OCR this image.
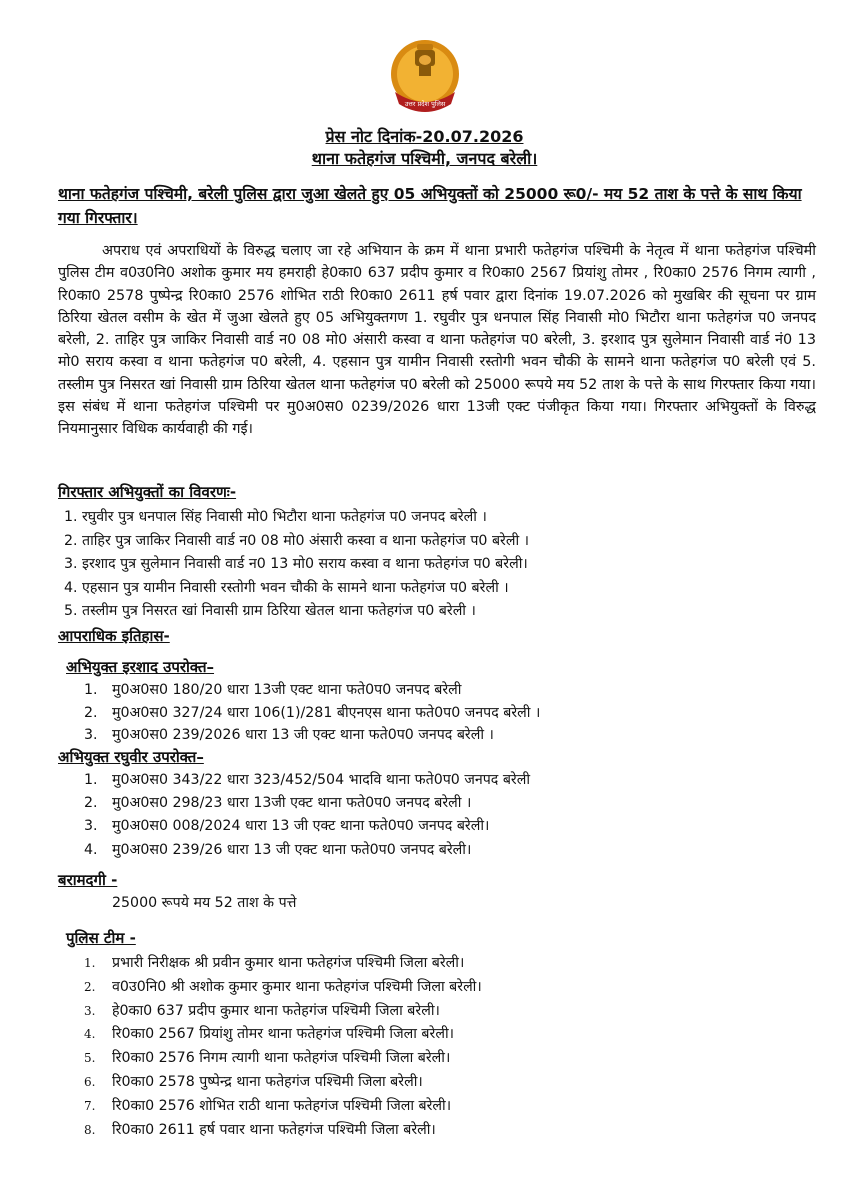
उत्तर प्रदेश पुलिस
प्रेस नोट दिनांक-20.07.2026
थाना फतेहगंज पश्चिमी, जनपद बरेली।
थाना फतेहगंज पश्चिमी, बरेली पुलिस द्वारा जुआ खेलते हुए 05 अभियुक्तों को 25000 रू0/- मय 52 ताश के पत्ते के साथ किया गया गिरफ्तार।
अपराध एवं अपराधियों के विरुद्ध चलाए जा रहे अभियान के क्रम में थाना प्रभारी फतेहगंज पश्चिमी के नेतृत्व में थाना फतेहगंज पश्चिमी पुलिस टीम व0उ0नि0 अशोक कुमार मय हमराही हे0का0 637 प्रदीप कुमार व रि0का0 2567 प्रियांशु तोमर , रि0का0 2576 निगम त्यागी , रि0का0 2578 पुष्पेन्द्र रि0का0 2576 शोभित राठी रि0का0 2611 हर्ष पवार द्वारा दिनांक 19.07.2026 को मुखबिर की सूचना पर ग्राम ठिरिया खेतल वसीम के खेत में जुआ खेलते हुए 05 अभियुक्तगण 1. रघुवीर पुत्र धनपाल सिंह निवासी मो0 भिटौरा थाना फतेहगंज प0 जनपद बरेली, 2. ताहिर पुत्र जाकिर निवासी वार्ड न0 08 मो0 अंसारी कस्वा व थाना फतेहगंज प0 बरेली, 3. इरशाद पुत्र सुलेमान निवासी वार्ड नं0 13 मो0 सराय कस्वा व थाना फतेहगंज प0 बरेली, 4. एहसान पुत्र यामीन निवासी रस्तोगी भवन चौकी के सामने थाना फतेहगंज प0 बरेली एवं 5. तस्लीम पुत्र निसरत खां निवासी ग्राम ठिरिया खेतल थाना फतेहगंज प0 बरेली को 25000 रूपये मय 52 ताश के पत्ते के साथ गिरफ्तार किया गया। इस संबंध में थाना फतेहगंज पश्चिमी पर मु0अ0स0 0239/2026 धारा 13जी एक्ट पंजीकृत किया गया। गिरफ्तार अभियुक्तों के विरुद्ध नियमानुसार विधिक कार्यवाही की गई।
गिरफ्तार अभियुक्तों का विवरणः-
1. रघुवीर पुत्र धनपाल सिंह निवासी मो0 भिटौरा थाना फतेहगंज प0 जनपद बरेली ।
2. ताहिर पुत्र जाकिर निवासी वार्ड न0 08 मो0 अंसारी कस्वा व थाना फतेहगंज प0 बरेली ।
3. इरशाद पुत्र सुलेमान निवासी वार्ड न0 13 मो0 सराय कस्वा व थाना फतेहगंज प0 बरेली।
4. एहसान पुत्र यामीन निवासी रस्तोगी भवन चौकी के सामने थाना फतेहगंज प0 बरेली ।
5. तस्लीम पुत्र निसरत खां निवासी ग्राम ठिरिया खेतल थाना फतेहगंज प0 बरेली ।
आपराधिक इतिहास-
अभियुक्त इरशाद उपरोक्त–
1. मु0अ0स0 180/20 धारा 13जी एक्ट थाना फते0प0 जनपद बरेली
2. मु0अ0स0 327/24 धारा 106(1)/281 बीएनएस थाना फते0प0 जनपद बरेली ।
3. मु0अ0स0 239/2026 धारा 13 जी एक्ट थाना फते0प0 जनपद बरेली ।
अभियुक्त रघुवीर उपरोक्त–
1. मु0अ0स0 343/22 धारा 323/452/504 भादवि थाना फते0प0 जनपद बरेली
2. मु0अ0स0 298/23 धारा 13जी एक्ट थाना फते0प0 जनपद बरेली ।
3. मु0अ0स0 008/2024 धारा 13 जी एक्ट थाना फते0प0 जनपद बरेली।
4. मु0अ0स0 239/26 धारा 13 जी एक्ट थाना फते0प0 जनपद बरेली।
बरामदगी -
25000 रूपये मय 52 ताश के पत्ते
पुलिस टीम -
1. प्रभारी निरीक्षक श्री प्रवीन कुमार थाना फतेहगंज पश्चिमी जिला बरेली।
2. व0उ0नि0 श्री अशोक कुमार कुमार थाना फतेहगंज पश्चिमी जिला बरेली।
3. हे0का0 637 प्रदीप कुमार थाना फतेहगंज पश्चिमी जिला बरेली।
4. रि0का0 2567 प्रियांशु तोमर थाना फतेहगंज पश्चिमी जिला बरेली।
5. रि0का0 2576 निगम त्यागी थाना फतेहगंज पश्चिमी जिला बरेली।
6. रि0का0 2578 पुष्पेन्द्र थाना फतेहगंज पश्चिमी जिला बरेली।
7. रि0का0 2576 शोभित राठी थाना फतेहगंज पश्चिमी जिला बरेली।
8. रि0का0 2611 हर्ष पवार थाना फतेहगंज पश्चिमी जिला बरेली।
